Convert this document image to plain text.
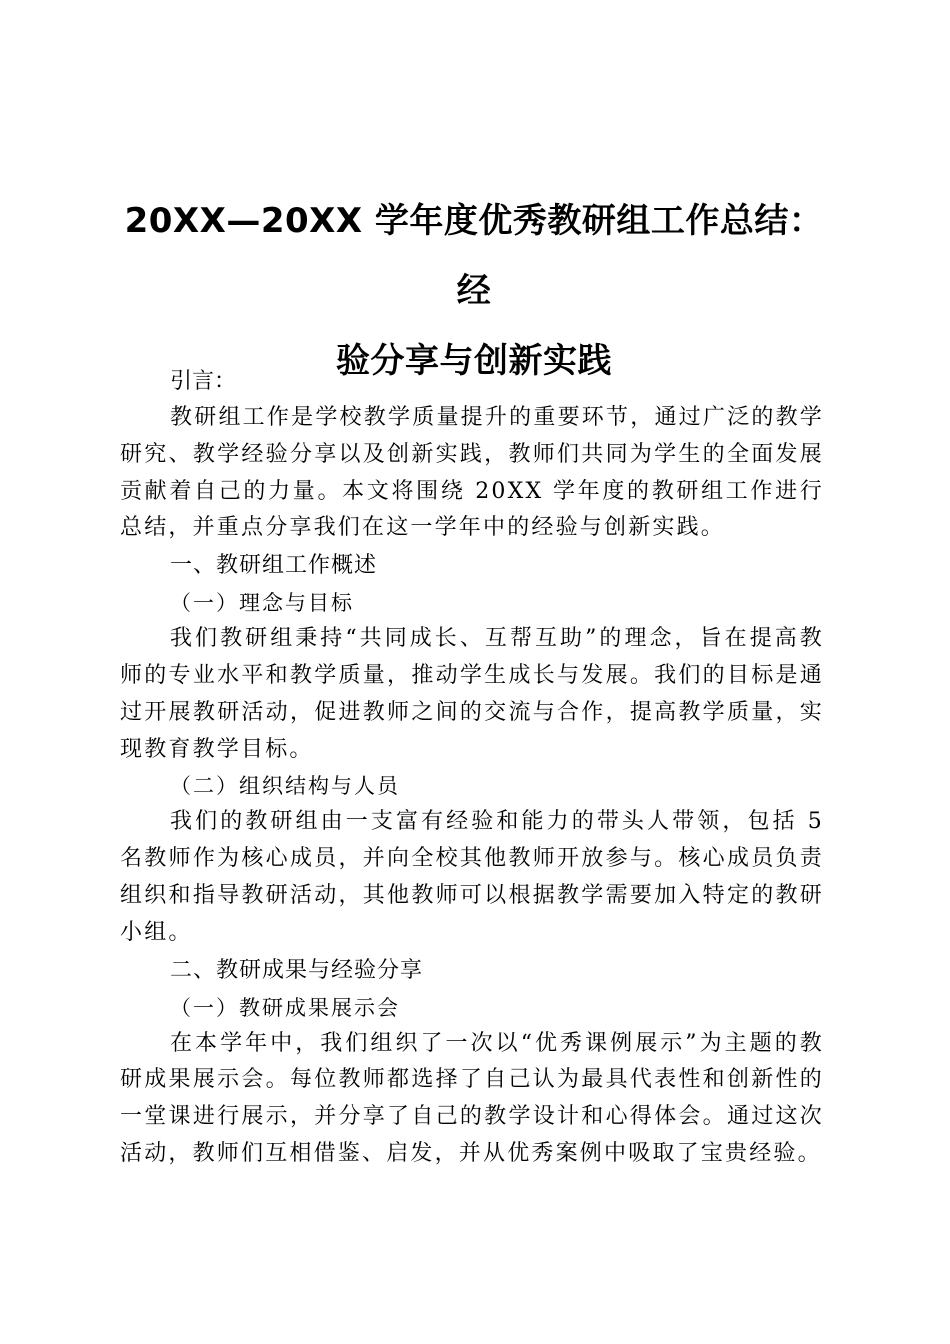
20XX—20XX 学年度优秀教研组工作总结：经
验分享与创新实践

引言：

教研组工作是学校教学质量提升的重要环节，通过广泛的教学研究、教学经验分享以及创新实践，教师们共同为学生的全面发展贡献着自己的力量。本文将围绕 20XX 学年度的教研组工作进行总结，并重点分享我们在这一学年中的经验与创新实践。

一、教研组工作概述

（一）理念与目标

我们教研组秉持“共同成长、互帮互助”的理念，旨在提高教师的专业水平和教学质量，推动学生成长与发展。我们的目标是通过开展教研活动，促进教师之间的交流与合作，提高教学质量，实现教育教学目标。

（二）组织结构与人员

我们的教研组由一支富有经验和能力的带头人带领，包括 5 名教师作为核心成员，并向全校其他教师开放参与。核心成员负责组织和指导教研活动，其他教师可以根据教学需要加入特定的教研小组。

二、教研成果与经验分享

（一）教研成果展示会

在本学年中，我们组织了一次以“优秀课例展示”为主题的教研成果展示会。每位教师都选择了自己认为最具代表性和创新性的一堂课进行展示，并分享了自己的教学设计和心得体会。通过这次活动，教师们互相借鉴、启发，并从优秀案例中吸取了宝贵经验。
